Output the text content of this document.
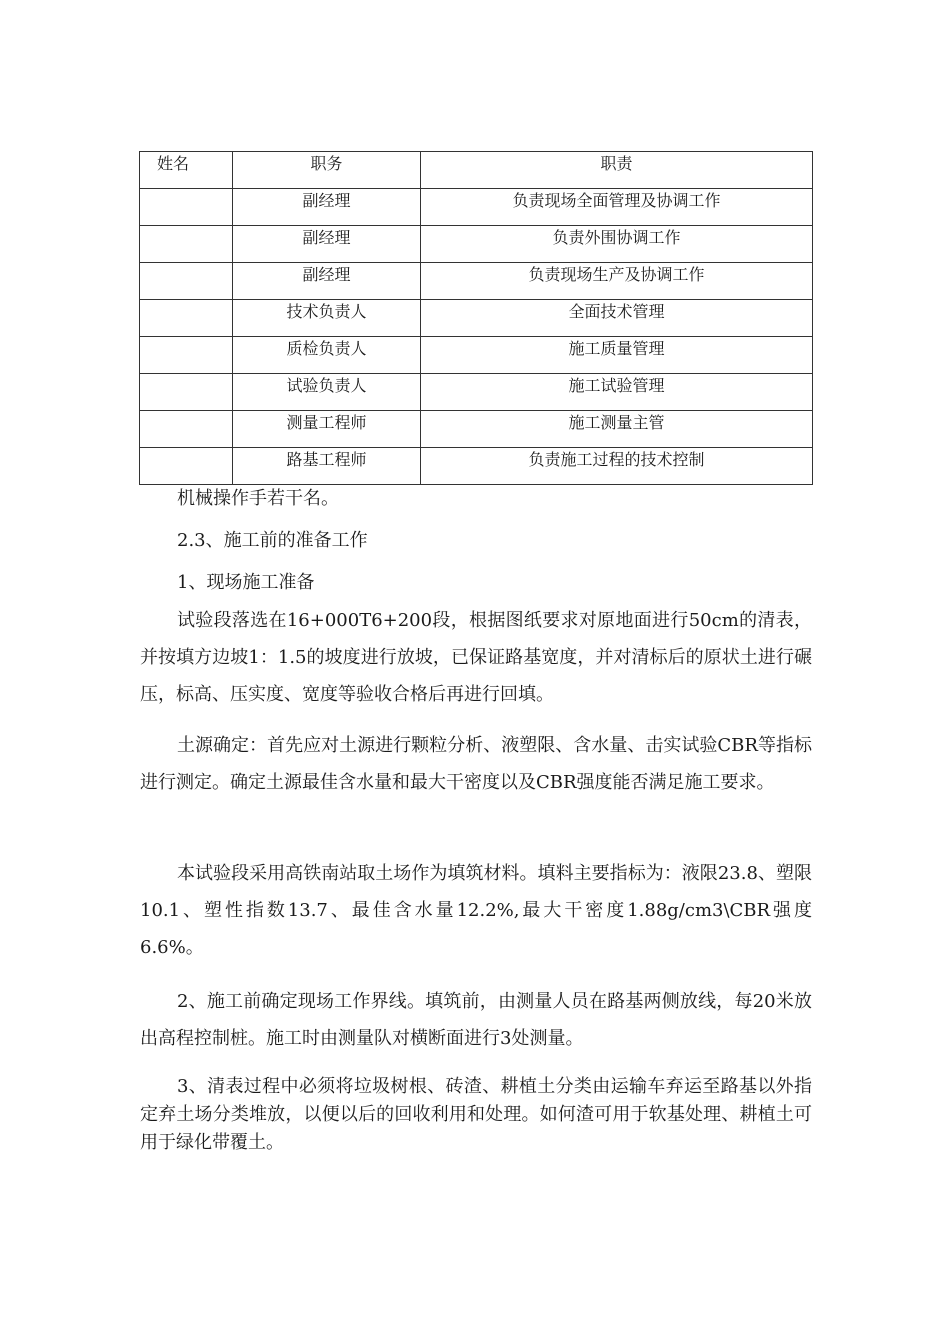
姓名	职务	职责
	副经理	负责现场全面管理及协调工作
	副经理	负责外围协调工作
	副经理	负责现场生产及协调工作
	技术负责人	全面技术管理
	质检负责人	施工质量管理
	试验负责人	施工试验管理
	测量工程师	施工测量主管
	路基工程师	负责施工过程的技术控制

机械操作手若干名。

2.3、施工前的准备工作

1、现场施工准备

试验段落选在16+000T6+200段，根据图纸要求对原地面进行50cm的清表，并按填方边坡1：1.5的坡度进行放坡，已保证路基宽度，并对清标后的原状土进行碾压，标高、压实度、宽度等验收合格后再进行回填。

土源确定：首先应对土源进行颗粒分析、液塑限、含水量、击实试验CBR等指标进行测定。确定土源最佳含水量和最大干密度以及CBR强度能否满足施工要求。

本试验段采用高铁南站取土场作为填筑材料。填料主要指标为：液限23.8、塑限10.1、塑性指数13.7、最佳含水量12.2%,最大干密度1.88g/cm3\CBR强度6.6%。

2、施工前确定现场工作界线。填筑前，由测量人员在路基两侧放线，每20米放出高程控制桩。施工时由测量队对横断面进行3处测量。

3、清表过程中必须将垃圾树根、砖渣、耕植土分类由运输车弃运至路基以外指定弃土场分类堆放，以便以后的回收利用和处理。如何渣可用于软基处理、耕植土可用于绿化带覆土。
